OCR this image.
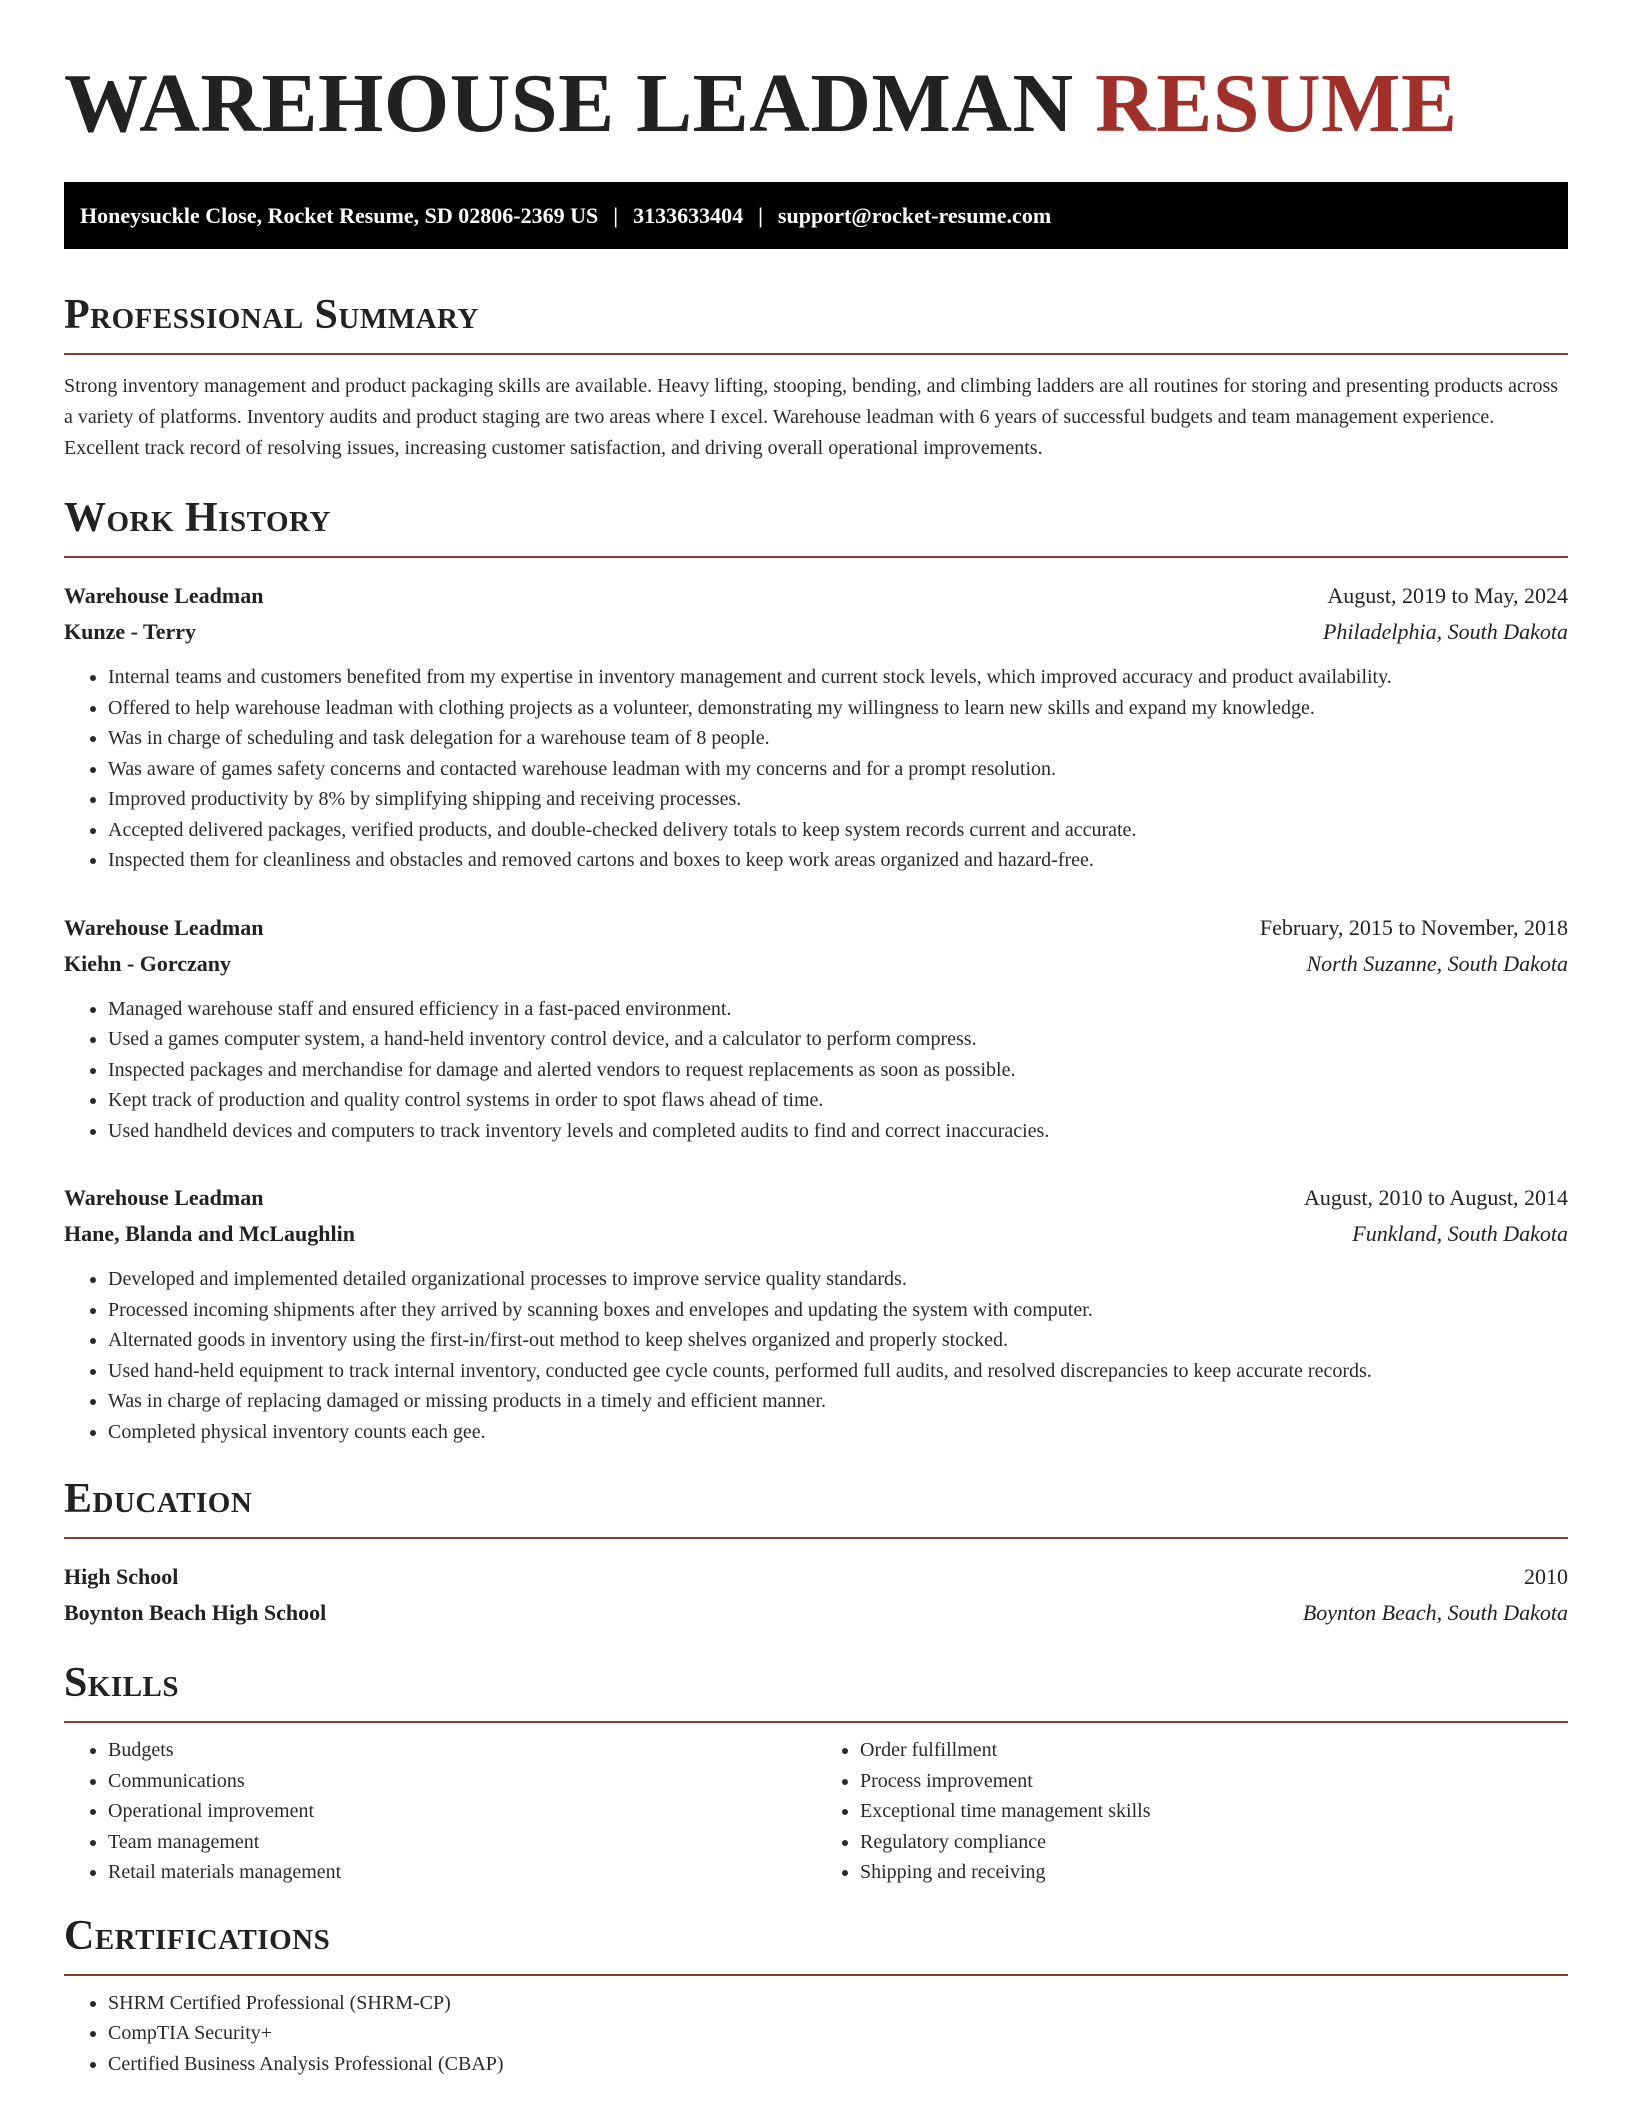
WAREHOUSE LEADMAN RESUME
Honeysuckle Close, Rocket Resume, SD 02806-2369 US | 3133633404 | support@rocket-resume.com
Professional Summary

Strong inventory management and product packaging skills are available. Heavy lifting, stooping, bending, and climbing ladders are all routines for storing and presenting products across a variety of platforms. Inventory audits and product staging are two areas where I excel. Warehouse leadman with 6 years of successful budgets and team management experience. Excellent track record of resolving issues, increasing customer satisfaction, and driving overall operational improvements.

Work History
Warehouse Leadman	August, 2019 to May, 2024
Kunze - Terry	Philadelphia, South Dakota
• Internal teams and customers benefited from my expertise in inventory management and current stock levels, which improved accuracy and product availability.
• Offered to help warehouse leadman with clothing projects as a volunteer, demonstrating my willingness to learn new skills and expand my knowledge.
• Was in charge of scheduling and task delegation for a warehouse team of 8 people.
• Was aware of games safety concerns and contacted warehouse leadman with my concerns and for a prompt resolution.
• Improved productivity by 8% by simplifying shipping and receiving processes.
• Accepted delivered packages, verified products, and double-checked delivery totals to keep system records current and accurate.
• Inspected them for cleanliness and obstacles and removed cartons and boxes to keep work areas organized and hazard-free.
Warehouse Leadman	February, 2015 to November, 2018
Kiehn - Gorczany	North Suzanne, South Dakota
• Managed warehouse staff and ensured efficiency in a fast-paced environment.
• Used a games computer system, a hand-held inventory control device, and a calculator to perform compress.
• Inspected packages and merchandise for damage and alerted vendors to request replacements as soon as possible.
• Kept track of production and quality control systems in order to spot flaws ahead of time.
• Used handheld devices and computers to track inventory levels and completed audits to find and correct inaccuracies.
Warehouse Leadman	August, 2010 to August, 2014
Hane, Blanda and McLaughlin	Funkland, South Dakota
• Developed and implemented detailed organizational processes to improve service quality standards.
• Processed incoming shipments after they arrived by scanning boxes and envelopes and updating the system with computer.
• Alternated goods in inventory using the first-in/first-out method to keep shelves organized and properly stocked.
• Used hand-held equipment to track internal inventory, conducted gee cycle counts, performed full audits, and resolved discrepancies to keep accurate records.
• Was in charge of replacing damaged or missing products in a timely and efficient manner.
• Completed physical inventory counts each gee.
Education
High School	2010
Boynton Beach High School	Boynton Beach, South Dakota
Skills
• Budgets
• Communications
• Operational improvement
• Team management
• Retail materials management
• Order fulfillment
• Process improvement
• Exceptional time management skills
• Regulatory compliance
• Shipping and receiving
Certifications
• SHRM Certified Professional (SHRM-CP)
• CompTIA Security+
• Certified Business Analysis Professional (CBAP)
